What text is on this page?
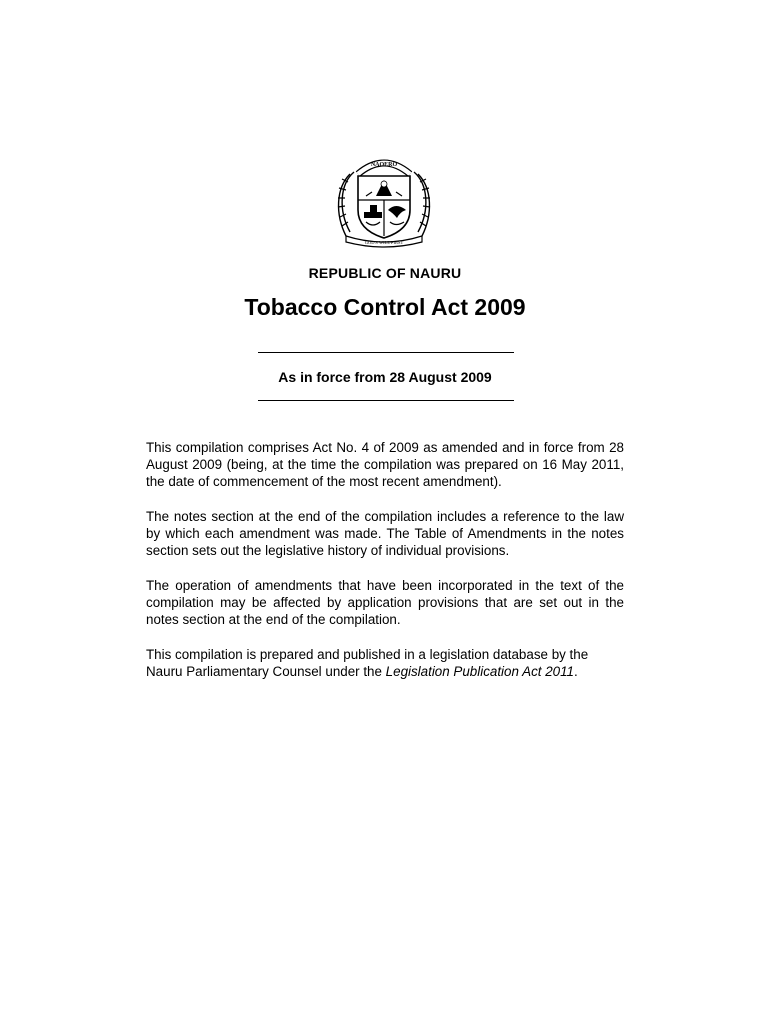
NAOERO
GOD'S WILL FIRST
REPUBLIC OF NAURU
Tobacco Control Act 2009
As in force from 28 August 2009

This compilation comprises Act No. 4 of 2009 as amended and in force from 28 August 2009 (being, at the time the compilation was prepared on 16 May 2011, the date of commencement of the most recent amendment).

The notes section at the end of the compilation includes a reference to the law by which each amendment was made. The Table of Amendments in the notes section sets out the legislative history of individual provisions.

The operation of amendments that have been incorporated in the text of the compilation may be affected by application provisions that are set out in the notes section at the end of the compilation.

This compilation is prepared and published in a legislation database by the Nauru Parliamentary Counsel under the Legislation Publication Act 2011.
